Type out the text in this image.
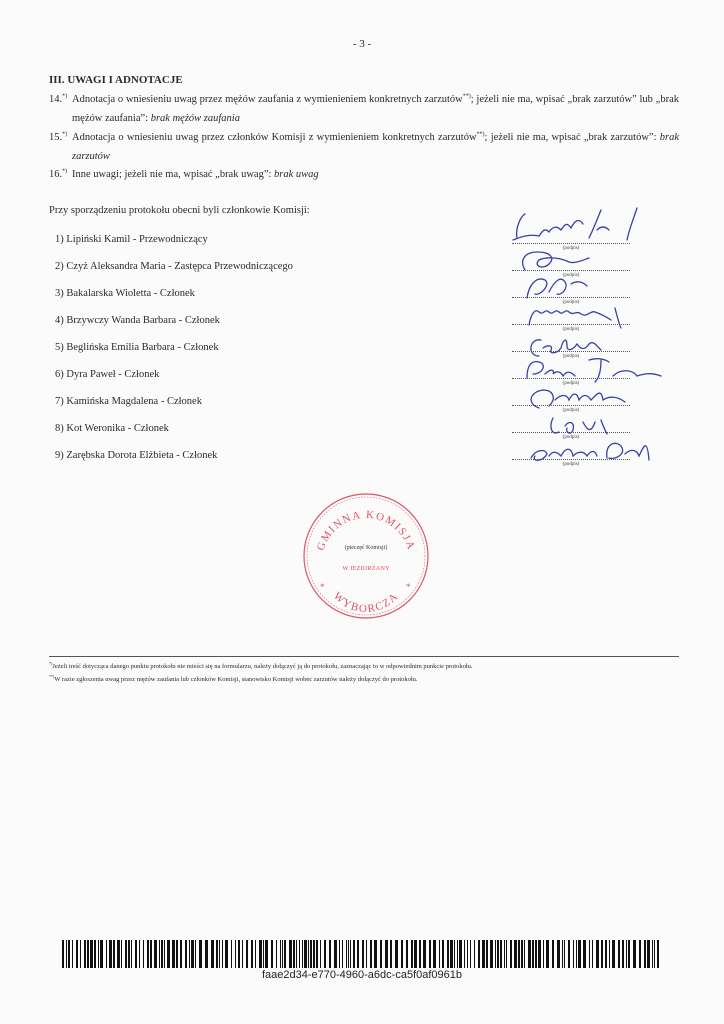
- 3 -
III. UWAGI I ADNOTACJE
14.*) Adnotacja o wniesieniu uwag przez mężów zaufania z wymienieniem konkretnych zarzutów**); jeżeli nie ma, wpisać „brak zarzutów” lub „brak mężów zaufania”: brak mężów zaufania
15.*) Adnotacja o wniesieniu uwag przez członków Komisji z wymienieniem konkretnych zarzutów**); jeżeli nie ma, wpisać „brak zarzutów”: brak zarzutów
16.*) Inne uwagi; jeżeli nie ma, wpisać „brak uwag”: brak uwag
Przy sporządzeniu protokołu obecni byli członkowie Komisji:
1) Lipiński Kamil - Przewodniczący
2) Czyż Aleksandra Maria - Zastępca Przewodniczącego
3) Bakalarska Wioletta - Członek
4) Brzywczy Wanda Barbara - Członek
5) Beglińska Emilia Barbara - Członek
6) Dyra Paweł - Członek
7) Kamińska Magdalena - Członek
8) Kot Weronika - Członek
9) Zarębska Dorota Elżbieta - Członek
(podpis)
(podpis)
(podpis)
(podpis)
(podpis)
(podpis)
(podpis)
(podpis)
(podpis)
GMINNA KOMISJA
W JEZIORZANY
WYBORCZA
*	*
(pieczęć Komisji)
*)Jeżeli treść dotycząca danego punktu protokołu nie mieści się na formularzu, należy dołączyć ją do protokołu, zaznaczając to w odpowiednim punkcie protokołu.
**)W razie zgłoszenia uwag przez mężów zaufania lub członków Komisji, stanowisko Komisji wobec zarzutów należy dołączyć do protokołu.
faae2d34-e770-4960-a6dc-ca5f0af0961b
